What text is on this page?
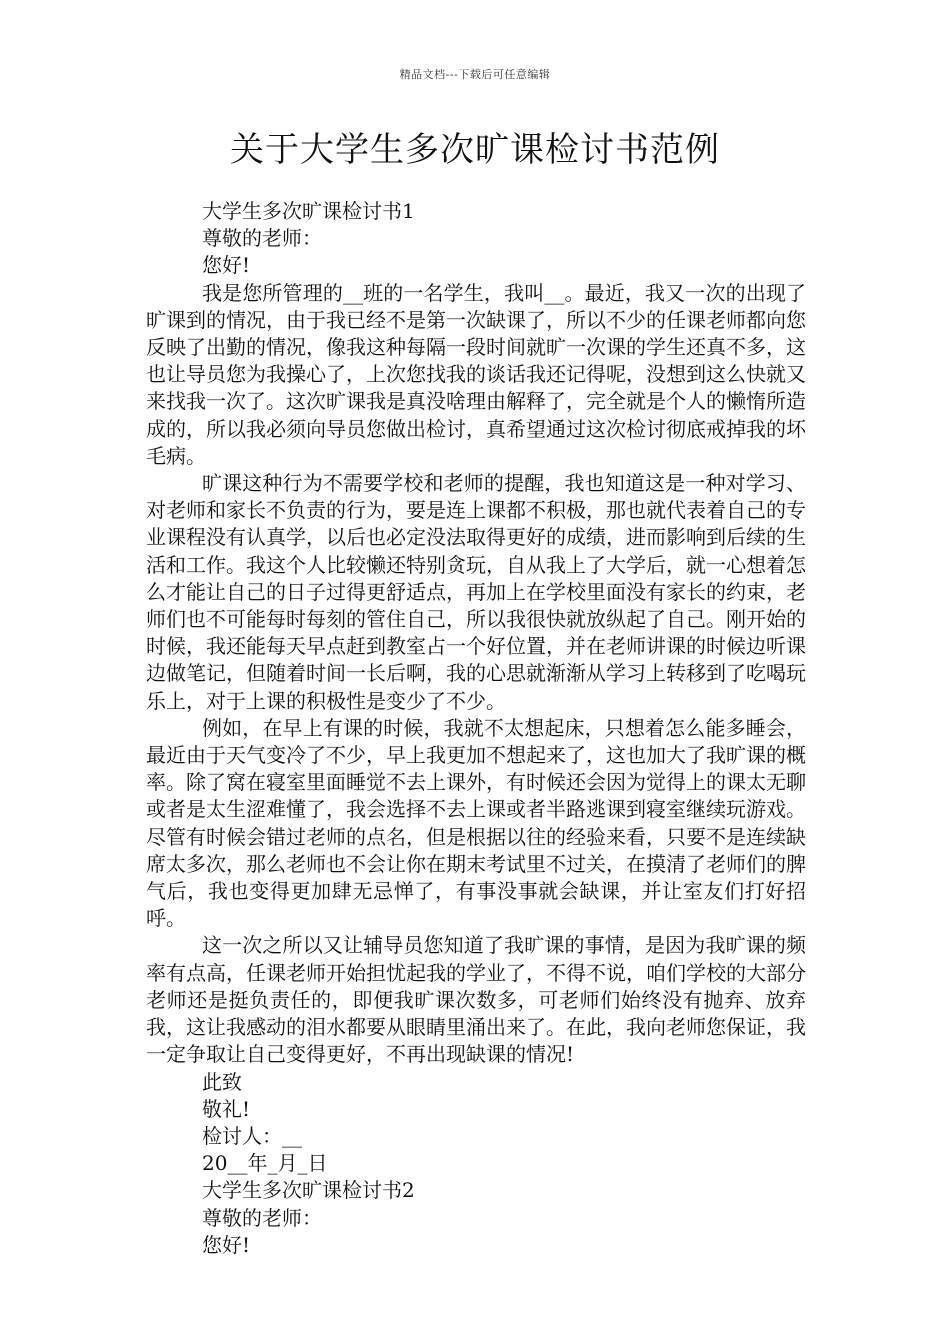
精品文档---下载后可任意编辑
关于大学生多次旷课检讨书范例

大学生多次旷课检讨书1

尊敬的老师：

您好!

我是您所管理的__班的一名学生，我叫__。最近，我又一次的出现了旷课到的情况，由于我已经不是第一次缺课了，所以不少的任课老师都向您反映了出勤的情况，像我这种每隔一段时间就旷一次课的学生还真不多，这也让导员您为我操心了，上次您找我的谈话我还记得呢，没想到这么快就又来找我一次了。这次旷课我是真没啥理由解释了，完全就是个人的懒惰所造成的，所以我必须向导员您做出检讨，真希望通过这次检讨彻底戒掉我的坏毛病。

旷课这种行为不需要学校和老师的提醒，我也知道这是一种对学习、对老师和家长不负责的行为，要是连上课都不积极，那也就代表着自己的专业课程没有认真学，以后也必定没法取得更好的成绩，进而影响到后续的生活和工作。我这个人比较懒还特别贪玩，自从我上了大学后，就一心想着怎么才能让自己的日子过得更舒适点，再加上在学校里面没有家长的约束，老师们也不可能每时每刻的管住自己，所以我很快就放纵起了自己。刚开始的时候，我还能每天早点赶到教室占一个好位置，并在老师讲课的时候边听课边做笔记，但随着时间一长后啊，我的心思就渐渐从学习上转移到了吃喝玩乐上，对于上课的积极性是变少了不少。

例如，在早上有课的时候，我就不太想起床，只想着怎么能多睡会，最近由于天气变冷了不少，早上我更加不想起来了，这也加大了我旷课的概率。除了窝在寝室里面睡觉不去上课外，有时候还会因为觉得上的课太无聊或者是太生涩难懂了，我会选择不去上课或者半路逃课到寝室继续玩游戏。尽管有时候会错过老师的点名，但是根据以往的经验来看，只要不是连续缺席太多次，那么老师也不会让你在期末考试里不过关，在摸清了老师们的脾气后，我也变得更加肆无忌惮了，有事没事就会缺课，并让室友们打好招呼。

这一次之所以又让辅导员您知道了我旷课的事情，是因为我旷课的频率有点高，任课老师开始担忧起我的学业了，不得不说，咱们学校的大部分老师还是挺负责任的，即便我旷课次数多，可老师们始终没有抛弃、放弃我，这让我感动的泪水都要从眼睛里涌出来了。在此，我向老师您保证，我一定争取让自己变得更好，不再出现缺课的情况!

此致

敬礼!

检讨人：__

20__年_月_日

大学生多次旷课检讨书2

尊敬的老师：

您好!
